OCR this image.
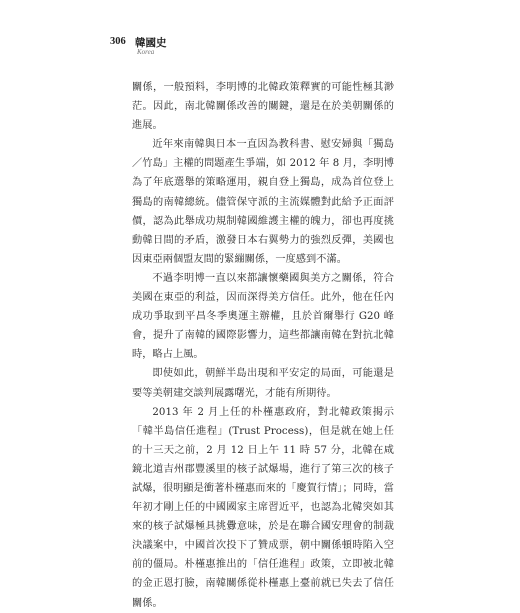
306 韓國史
Korea

關係，一般預料，李明博的北韓政策釋實的可能性極其渺茫。因此，南北韓關係改善的關鍵，還是在於美朝關係的進展。

近年來南韓與日本一直因為教科書、慰安婦與「獨島／竹島」主權的問題產生爭端，如 2012 年 8 月，李明博為了年底選舉的策略運用，親自登上獨島，成為首位登上獨島的南韓總統。儘管保守派的主流媒體對此給予正面評價，認為此舉成功規制韓國維護主權的魄力，卻也再度挑動韓日間的矛盾，激發日本右翼勢力的強烈反彈，美國也因東亞兩個盟友間的緊繃關係，一度感到不滿。

不過李明博一直以來都讓懷藥國與美方之關係，符合美國在東亞的利益，因而深得美方信任。此外，他在任內成功爭取到平昌冬季奧運主辦權，且於首爾舉行 G20 峰會，提升了南韓的國際影響力，這些都讓南韓在對抗北韓時，略占上風。

即使如此，朝鮮半島出現和平安定的局面，可能還是要等美朝建交談判展露曙光，才能有所期待。

2013 年 2 月上任的朴槿惠政府，對北韓政策揭示「韓半島信任進程」(Trust Process)，但是就在她上任的十三天之前，2 月 12 日上午 11 時 57 分，北韓在咸鏡北道吉州郡豐溪里的核子試爆場，進行了第三次的核子試爆，很明顯是衝著朴槿惠而來的「慶賀行情」；同時，當年初才剛上任的中國國家主席習近平，也認為北韓突如其來的核子試爆極具挑釁意味，於是在聯合國安理會的制裁決議案中，中國首次投下了贊成票，朝中關係頓時陷入空前的僵局。朴槿惠推出的「信任進程」政策，立即被北韓的金正恩打臉，南韓關係從朴槿惠上臺前就已失去了信任關係。
